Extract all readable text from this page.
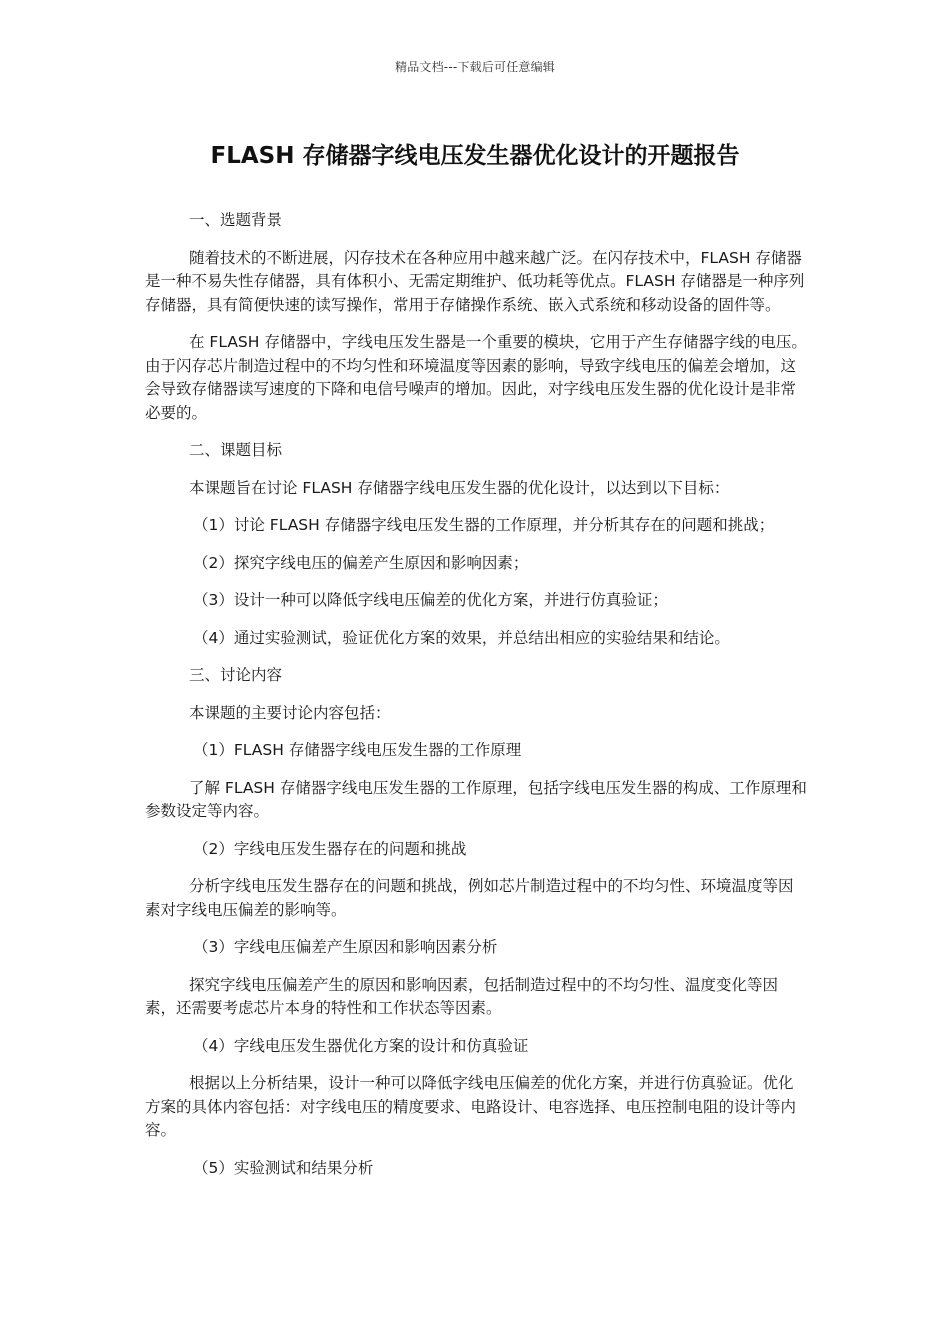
精品文档---下载后可任意编辑
FLASH 存储器字线电压发生器优化设计的开题报告

一、选题背景

随着技术的不断进展，闪存技术在各种应用中越来越广泛。在闪存技术中，FLASH 存储器是一种不易失性存储器，具有体积小、无需定期维护、低功耗等优点。FLASH 存储器是一种序列存储器，具有简便快速的读写操作，常用于存储操作系统、嵌入式系统和移动设备的固件等。

在 FLASH 存储器中，字线电压发生器是一个重要的模块，它用于产生存储器字线的电压。由于闪存芯片制造过程中的不均匀性和环境温度等因素的影响，导致字线电压的偏差会增加，这会导致存储器读写速度的下降和电信号噪声的增加。因此，对字线电压发生器的优化设计是非常必要的。

二、课题目标

本课题旨在讨论 FLASH 存储器字线电压发生器的优化设计，以达到以下目标：

（1）讨论 FLASH 存储器字线电压发生器的工作原理，并分析其存在的问题和挑战；

（2）探究字线电压的偏差产生原因和影响因素；

（3）设计一种可以降低字线电压偏差的优化方案，并进行仿真验证；

（4）通过实验测试，验证优化方案的效果，并总结出相应的实验结果和结论。

三、讨论内容

本课题的主要讨论内容包括：

（1）FLASH 存储器字线电压发生器的工作原理

了解 FLASH 存储器字线电压发生器的工作原理，包括字线电压发生器的构成、工作原理和参数设定等内容。

（2）字线电压发生器存在的问题和挑战

分析字线电压发生器存在的问题和挑战，例如芯片制造过程中的不均匀性、环境温度等因素对字线电压偏差的影响等。

（3）字线电压偏差产生原因和影响因素分析

探究字线电压偏差产生的原因和影响因素，包括制造过程中的不均匀性、温度变化等因素，还需要考虑芯片本身的特性和工作状态等因素。

（4）字线电压发生器优化方案的设计和仿真验证

根据以上分析结果，设计一种可以降低字线电压偏差的优化方案，并进行仿真验证。优化方案的具体内容包括：对字线电压的精度要求、电路设计、电容选择、电压控制电阻的设计等内容。

（5）实验测试和结果分析
